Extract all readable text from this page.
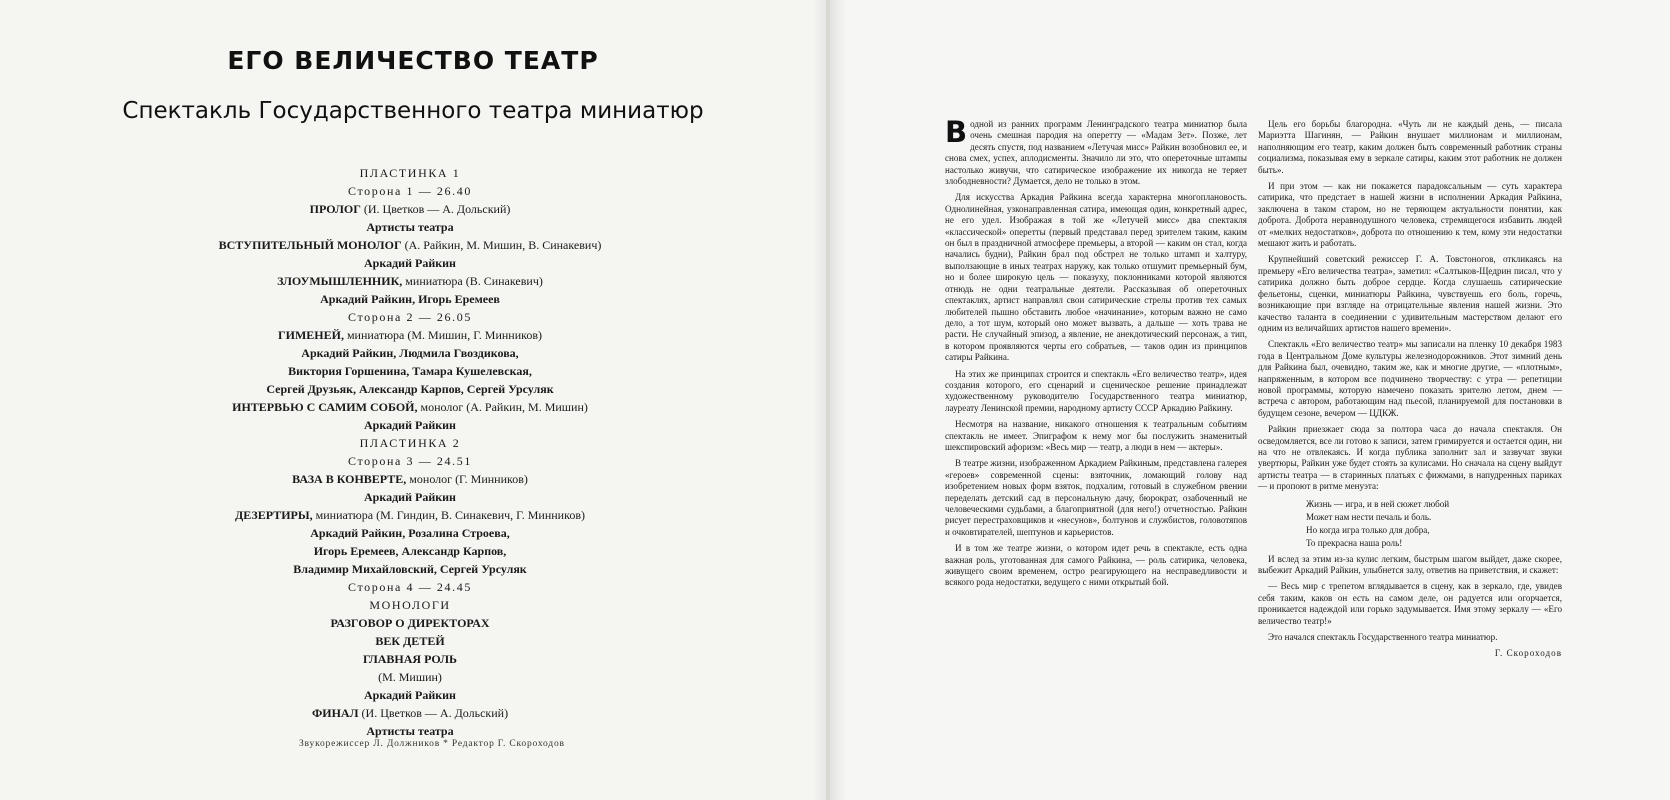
ЕГО ВЕЛИЧЕСТВО ТЕАТР
Спектакль Государственного театра миниатюр
ПЛАСТИНКА 1
Сторона 1 — 26.40
ПРОЛОГ (И. Цветков — А. Дольский)
Артисты театра
ВСТУПИТЕЛЬНЫЙ МОНОЛОГ (А. Райкин, М. Мишин, В. Синакевич)
Аркадий Райкин
ЗЛОУМЫШЛЕННИК, миниатюра (В. Синакевич)
Аркадий Райкин, Игорь Еремеев
Сторона 2 — 26.05
ГИМЕНЕЙ, миниатюра (М. Мишин, Г. Минников)
Аркадий Райкин, Людмила Гвоздикова,
Виктория Горшенина, Тамара Кушелевская,
Сергей Друзьяк, Александр Карпов, Сергей Урсуляк
ИНТЕРВЬЮ С САМИМ СОБОЙ, монолог (А. Райкин, М. Мишин)
Аркадий Райкин
ПЛАСТИНКА 2
Сторона 3 — 24.51
ВАЗА В КОНВЕРТЕ, монолог (Г. Минников)
Аркадий Райкин
ДЕЗЕРТИРЫ, миниатюра (М. Гиндин, В. Синакевич, Г. Минников)
Аркадий Райкин, Розалина Строева,
Игорь Еремеев, Александр Карпов,
Владимир Михайловский, Сергей Урсуляк
Сторона 4 — 24.45
МОНОЛОГИ
РАЗГОВОР О ДИРЕКТОРАХ
ВЕК ДЕТЕЙ
ГЛАВНАЯ РОЛЬ
(М. Мишин)
Аркадий Райкин
ФИНАЛ (И. Цветков — А. Дольский)
Артисты театра
Звукорежиссер Л. Должников * Редактор Г. Скороходов

Водной из ранних программ Ленинградского театра миниатюр была очень смешная пародия на оперетту — «Мадам Зет». Позже, лет десять спустя, под названием «Летучая мисс» Райкин возобновил ее, и снова смех, успех, аплодисменты. Значило ли это, что опереточные штампы настолько живучи, что сатирическое изображение их никогда не теряет злободневности? Думается, дело не только в этом.

Для искусства Аркадия Райкина всегда характерна многоплановость. Однолинейная, узконаправленная сатира, имеющая один, конкретный адрес, не его удел. Изображая в той же «Летучей мисс» два спектакля «классической» оперетты (первый представал перед зрителем таким, каким он был в праздничной атмосфере премьеры, а второй — каким он стал, когда начались будни), Райкин брал под обстрел не только штамп и халтуру, выползающие в иных театрах наружу, как только отшумит премьерный бум, но и более широкую цель — показуху, поклонниками которой являются отнюдь не одни театральные деятели. Рассказывая об опереточных спектаклях, артист направлял свои сатирические стрелы против тех самых любителей пышно обставить любое «начинание», которым важно не само дело, а тот шум, который оно может вызвать, а дальше — хоть трава не расти. Не случайный эпизод, а явление, не анекдотический персонаж, а тип, в котором проявляются черты его собратьев, — таков один из принципов сатиры Райкина.

На этих же принципах строится и спектакль «Его величество театр», идея создания которого, его сценарий и сценическое решение принадлежат художественному руководителю Государственного театра миниатюр, лауреату Ленинской премии, народному артисту СССР Аркадию Райкину.

Несмотря на название, никакого отношения к театральным событиям спектакль не имеет. Эпиграфом к нему мог бы послужить знаменитый шекспировский афоризм: «Весь мир — театр, а люди в нем — актеры».

В театре жизни, изображенном Аркадием Райкиным, представлена галерея «героев» современной сцены: взяточник, ломающий голову над изобретением новых форм взяток, подхалим, готовый в служебном рвении переделать детский сад в персональную дачу, бюрократ, озабоченный не человеческими судьбами, а благоприятной (для него!) отчетностью. Райкин рисует перестраховщиков и «несунов», болтунов и службистов, головотяпов и очковтирателей, шептунов и карьеристов.

И в том же театре жизни, о котором идет речь в спектакле, есть одна важная роль, уготованная для самого Райкина, — роль сатирика, человека, живущего своим временем, остро реагирующего на несправедливости и всякого рода недостатки, ведущего с ними открытый бой.

Цель его борьбы благородна. «Чуть ли не каждый день, — писала Мариэтта Шагинян, — Райкин внушает миллионам и миллионам, наполняющим его театр, каким должен быть современный работник страны социализма, показывая ему в зеркале сатиры, каким этот работник не должен быть».

И при этом — как ни покажется парадоксальным — суть характера сатирика, что предстает в нашей жизни в исполнении Аркадия Райкина, заключена в таком старом, но не теряющем актуальности понятии, как доброта. Доброта неравнодушного человека, стремящегося избавить людей от «мелких недостатков», доброта по отношению к тем, кому эти недостатки мешают жить и работать.

Крупнейший советский режиссер Г. А. Товстоногов, откликаясь на премьеру «Его величества театра», заметил: «Салтыков-Щедрин писал, что у сатирика должно быть доброе сердце. Когда слушаешь сатирические фельетоны, сценки, миниатюры Райкина, чувствуешь его боль, горечь, возникающие при взгляде на отрицательные явления нашей жизни. Это качество таланта в соединении с удивительным мастерством делают его одним из величайших артистов нашего времени».

Спектакль «Его величество театр» мы записали на пленку 10 декабря 1983 года в Центральном Доме культуры железнодорожников. Этот зимний день для Райкина был, очевидно, таким же, как и многие другие, — «плотным», напряженным, в котором все подчинено творчеству: с утра — репетиции новой программы, которую намечено показать зрителю летом, днем — встреча с автором, работающим над пьесой, планируемой для постановки в будущем сезоне, вечером — ЦДКЖ.

Райкин приезжает сюда за полтора часа до начала спектакля. Он осведомляется, все ли готово к записи, затем гримируется и остается один, ни на что не отвлекаясь. И когда публика заполнит зал и зазвучат звуки увертюры, Райкин уже будет стоять за кулисами. Но сначала на сцену выйдут артисты театра — в старинных платьях с фижмами, в напудренных париках — и пропоют в ритме менуэта:

Жизнь — игра, и в ней сюжет любой
Может нам нести печаль и боль.
Но когда игра только для добра,
То прекрасна наша роль!

И вслед за этим из-за кулис легким, быстрым шагом выйдет, даже скорее, выбежит Аркадий Райкин, улыбнется залу, ответив на приветствия, и скажет:

— Весь мир с трепетом вглядывается в сцену, как в зеркало, где, увидев себя таким, каков он есть на самом деле, он радуется или огорчается, проникается надеждой или горько задумывается. Имя этому зеркалу — «Его величество театр!»

Это начался спектакль Государственного театра миниатюр.

Г. Скороходов
